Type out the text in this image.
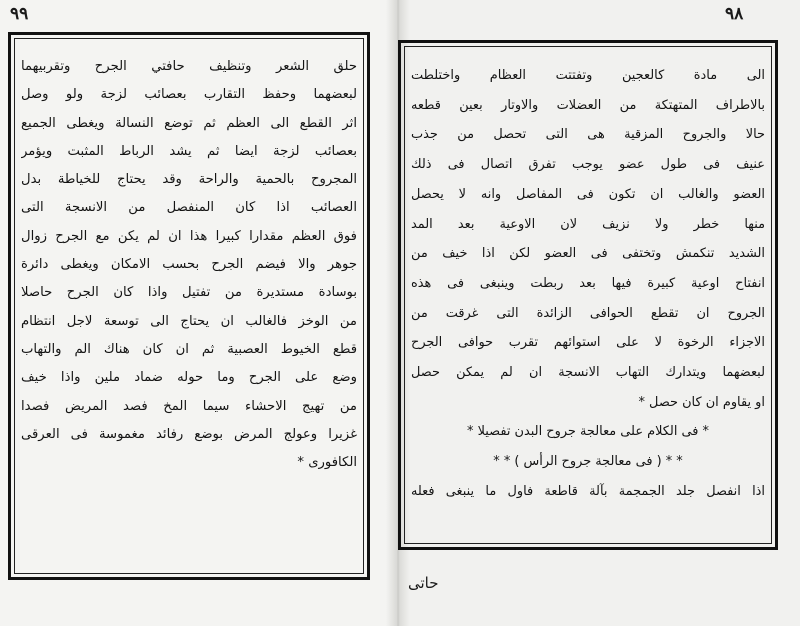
٩٩	٩٨
حلق الشعر وتنظيف حافتي الجرح وتقربيهما
لبعضهما وحفظ التقارب بعصائب لزجة ولو وصل
اثر القطع الى العظم ثم توضع النسالة ويغطى الجميع
بعصائب لزجة ايضا ثم يشد الرباط المثبت ويؤمر
المجروح بالحمية والراحة وقد يحتاج للخياطة بدل
العصائب اذا كان المنفصل من الانسجة التى
فوق العظم مقدارا كبيرا هذا ان لم يكن مع الجرح زوال
جوهر والا فيضم الجرح بحسب الامكان ويغطى دائرة
بوسادة مستديرة من تفتيل واذا كان الجرح حاصلا
من الوخز فالغالب ان يحتاج الى توسعة لاجل انتظام
قطع الخيوط العصبية ثم ان كان هناك الم والتهاب
وضع على الجرح وما حوله ضماد ملين واذا خيف
من تهيج الاحشاء سيما المخ فصد المريض فصدا
غزيرا وعولج المرض بوضع رفائد مغموسة فى العرقى
الكافورى *
الى مادة كالعجين وتفتتت العظام واختلطت
بالاطراف المتهتكة من العضلات والاوتار بعين قطعه
حالا والجروح المزقية هى التى تحصل من جذب
عنيف فى طول عضو يوجب تفرق اتصال فى ذلك
العضو والغالب ان تكون فى المفاصل وانه لا يحصل
منها خطر ولا نزيف لان الاوعية بعد المد
الشديد تنكمش وتختفى فى العضو لكن اذا خيف من
انفتاح اوعية كبيرة فيها بعد ربطت وينبغى فى هذه
الجروح ان تقطع الحوافى الزائدة التى غرقت من
الاجزاء الرخوة لا على استوائهم تقرب حوافى الجرح
لبعضهما ويتدارك التهاب الانسجة ان لم يمكن حصل
او يقاوم ان كان حصل *
* فى الكلام على معالجة جروح البدن تفصيلا *
* * ( فى معالجة جروح الرأس ) * *
اذا انفصل جلد الجمجمة بآلة قاطعة فاول ما ينبغى فعله
حاتى
